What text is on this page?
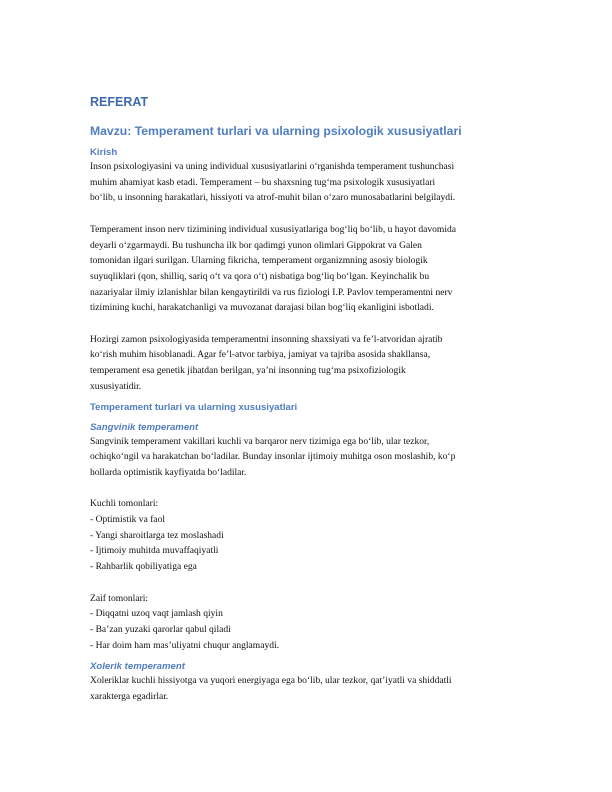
REFERAT
Mavzu: Temperament turlari va ularning psixologik xususiyatlari
Kirish

Inson psixologiyasini va uning individual xususiyatlarini o‘rganishda temperament tushunchasi
muhim ahamiyat kasb etadi. Temperament – bu shaxsning tug‘ma psixologik xususiyatlari
bo‘lib, u insonning harakatlari, hissiyoti va atrof-muhit bilan o‘zaro munosabatlarini belgilaydi.

Temperament inson nerv tizimining individual xususiyatlariga bog‘liq bo‘lib, u hayot davomida
deyarli o‘zgarmaydi. Bu tushuncha ilk bor qadimgi yunon olimlari Gippokrat va Galen
tomonidan ilgari surilgan. Ularning fikricha, temperament organizmning asosiy biologik
suyuqliklari (qon, shilliq, sariq o‘t va qora o‘t) nisbatiga bog‘liq bo‘lgan. Keyinchalik bu
nazariyalar ilmiy izlanishlar bilan kengaytirildi va rus fiziologi I.P. Pavlov temperamentni nerv
tizimining kuchi, harakatchanligi va muvozanat darajasi bilan bog‘liq ekanligini isbotladi.

Hozirgi zamon psixologiyasida temperamentni insonning shaxsiyati va fe’l-atvoridan ajratib
ko‘rish muhim hisoblanadi. Agar fe’l-atvor tarbiya, jamiyat va tajriba asosida shakllansa,
temperament esa genetik jihatdan berilgan, ya’ni insonning tug‘ma psixofiziologik
xususiyatidir.

Temperament turlari va ularning xususiyatlari
Sangvinik temperament

Sangvinik temperament vakillari kuchli va barqaror nerv tizimiga ega bo‘lib, ular tezkor,
ochiqko‘ngil va harakatchan bo‘ladilar. Bunday insonlar ijtimoiy muhitga oson moslashib, ko‘p
hollarda optimistik kayfiyatda bo‘ladilar.

Kuchli tomonlari:

- Optimistik va faol
- Yangi sharoitlarga tez moslashadi
- Ijtimoiy muhitda muvaffaqiyatli
- Rahbarlik qobiliyatiga ega

Zaif tomonlari:

- Diqqatni uzoq vaqt jamlash qiyin
- Ba’zan yuzaki qarorlar qabul qiladi
- Har doim ham mas’uliyatni chuqur anglamaydi.
Xolerik temperament

Xoleriklar kuchli hissiyotga va yuqori energiyaga ega bo‘lib, ular tezkor, qat’iyatli va shiddatli
xarakterga egadirlar.
